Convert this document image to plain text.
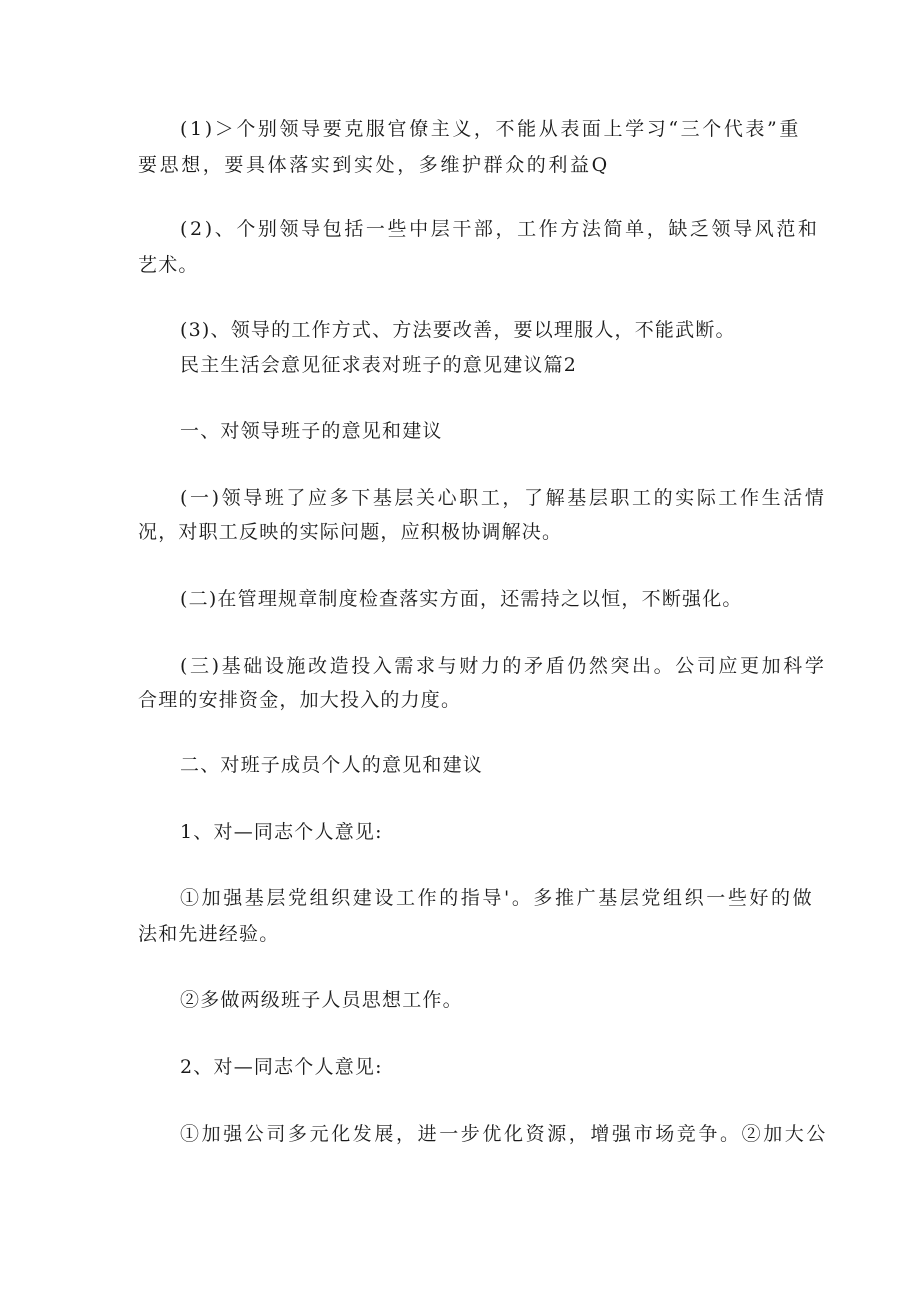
(1)＞个别领导要克服官僚主义，不能从表面上学习“三个代表”重
要思想，要具体落实到实处，多维护群众的利益Q
(2)、个别领导包括一些中层干部，工作方法简单，缺乏领导风范和
艺术。
(3)、领导的工作方式、方法要改善，要以理服人，不能武断。
民主生活会意见征求表对班子的意见建议篇2
一、对领导班子的意见和建议
(一)领导班了应多下基层关心职工，了解基层职工的实际工作生活情
况，对职工反映的实际问题，应积极协调解决。
(二)在管理规章制度检查落实方面，还需持之以恒，不断强化。
(三)基础设施改造投入需求与财力的矛盾仍然突出。公司应更加科学
合理的安排资金，加大投入的力度。
二、对班子成员个人的意见和建议
1、对—同志个人意见:
①加强基层党组织建设工作的指导'。多推广基层党组织一些好的做
法和先进经验。
②多做两级班子人员思想工作。
2、对—同志个人意见:
①加强公司多元化发展，进一步优化资源，增强市场竞争。②加大公
